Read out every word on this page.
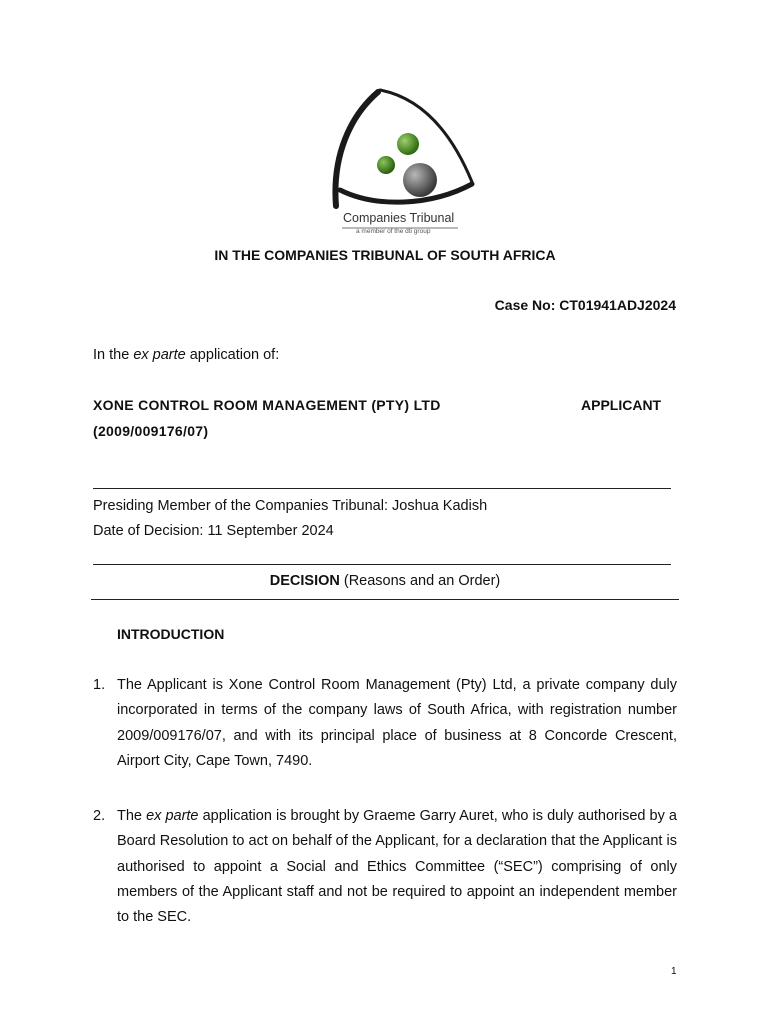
Companies Tribunal
a member of the dti group
IN THE COMPANIES TRIBUNAL OF SOUTH AFRICA
Case No: CT01941ADJ2024
In the ex parte application of:
XONE CONTROL ROOM MANAGEMENT (PTY) LTD	APPLICANT
(2009/009176/07)
Presiding Member of the Companies Tribunal: Joshua Kadish
Date of Decision: 11 September 2024
DECISION (Reasons and an Order)
INTRODUCTION
1. The Applicant is Xone Control Room Management (Pty) Ltd, a private company duly incorporated in terms of the company laws of South Africa, with registration number 2009/009176/07, and with its principal place of business at 8 Concorde Crescent, Airport City, Cape Town, 7490.
2. The ex parte application is brought by Graeme Garry Auret, who is duly authorised by a Board Resolution to act on behalf of the Applicant, for a declaration that the Applicant is authorised to appoint a Social and Ethics Committee (“SEC”) comprising of only members of the Applicant staff and not be required to appoint an independent member to the SEC.
1
